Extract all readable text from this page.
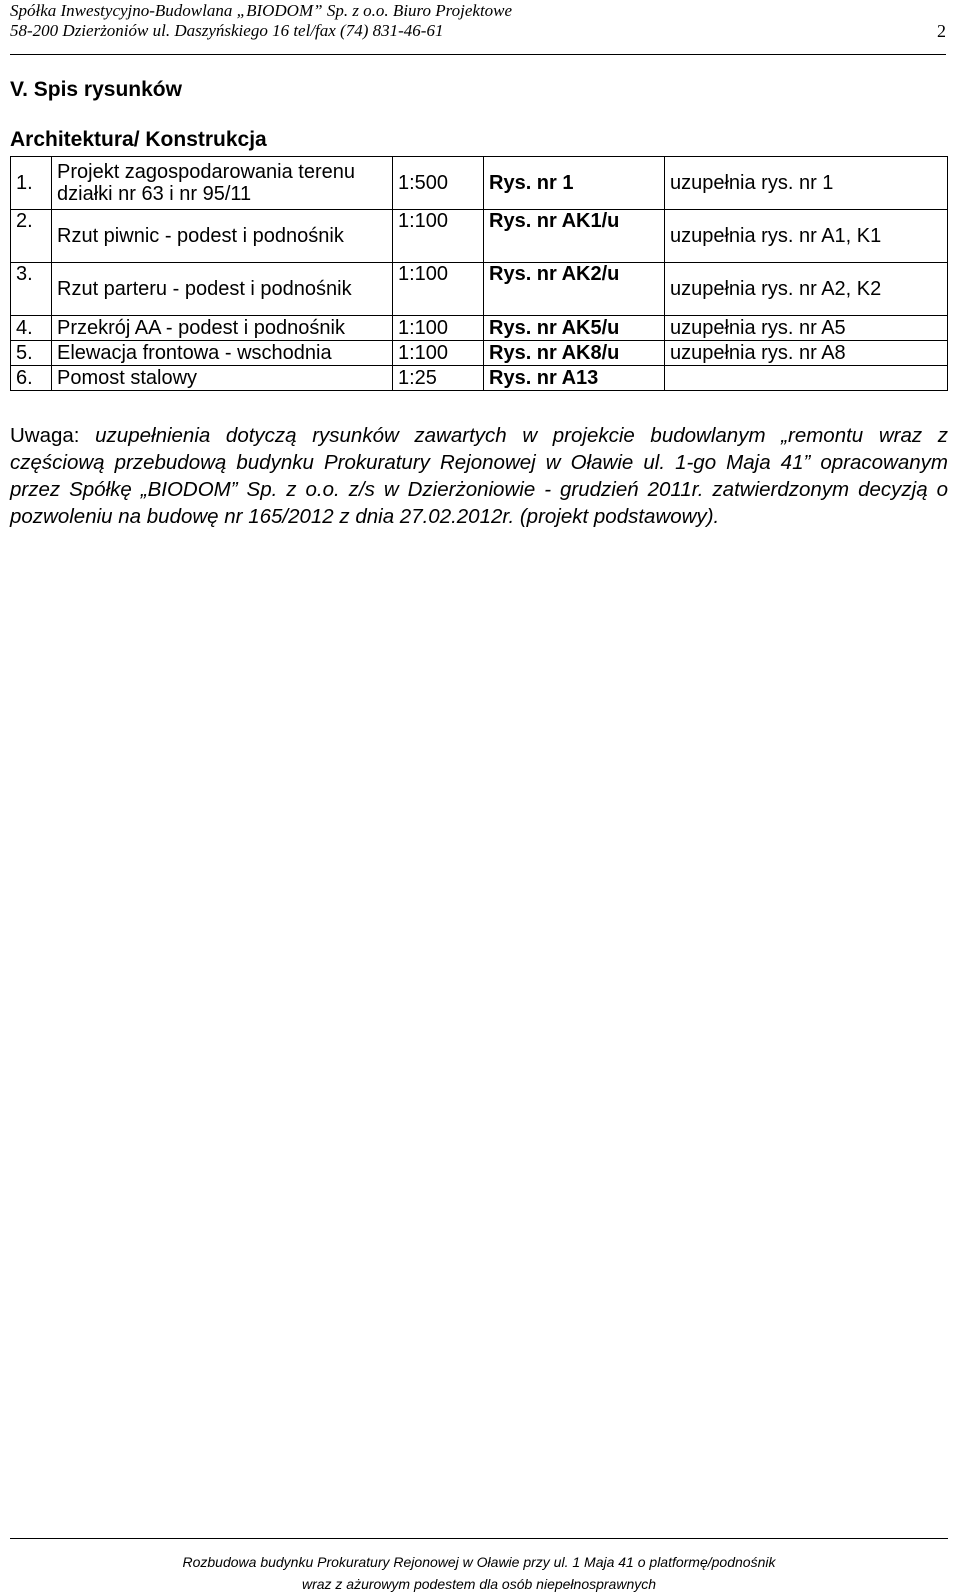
Spółka Inwestycyjno-Budowlana „BIODOM” Sp. z o.o. Biuro Projektowe
58-200 Dzierżoniów ul. Daszyńskiego 16 tel/fax (74) 831-46-61	2
V. Spis rysunków
Architektura/ Konstrukcja
1.	Projekt zagospodarowania terenu działki nr 63 i nr 95/11	1:500	Rys. nr 1	uzupełnia rys. nr 1
2.	Rzut piwnic - podest i podnośnik	1:100	Rys. nr AK1/u	uzupełnia rys. nr A1, K1
3.	Rzut parteru - podest i podnośnik	1:100	Rys. nr AK2/u	uzupełnia rys. nr A2, K2
4.	Przekrój AA - podest i podnośnik	1:100	Rys. nr AK5/u	uzupełnia rys. nr A5
5.	Elewacja frontowa - wschodnia	1:100	Rys. nr AK8/u	uzupełnia rys. nr A8
6.	Pomost stalowy	1:25	Rys. nr A13	
Uwaga: uzupełnienia dotyczą rysunków zawartych w projekcie budowlanym „remontu wraz z częściową przebudową budynku Prokuratury Rejonowej w Oławie ul. 1-go Maja 41” opracowanym przez Spółkę „BIODOM” Sp. z o.o. z/s w Dzierżoniowie - grudzień 2011r. zatwierdzonym decyzją o pozwoleniu na budowę nr 165/2012 z dnia 27.02.2012r. (projekt podstawowy).
Rozbudowa budynku Prokuratury Rejonowej w Oławie przy ul. 1 Maja 41 o platformę/podnośnik
wraz z ażurowym podestem dla osób niepełnosprawnych
